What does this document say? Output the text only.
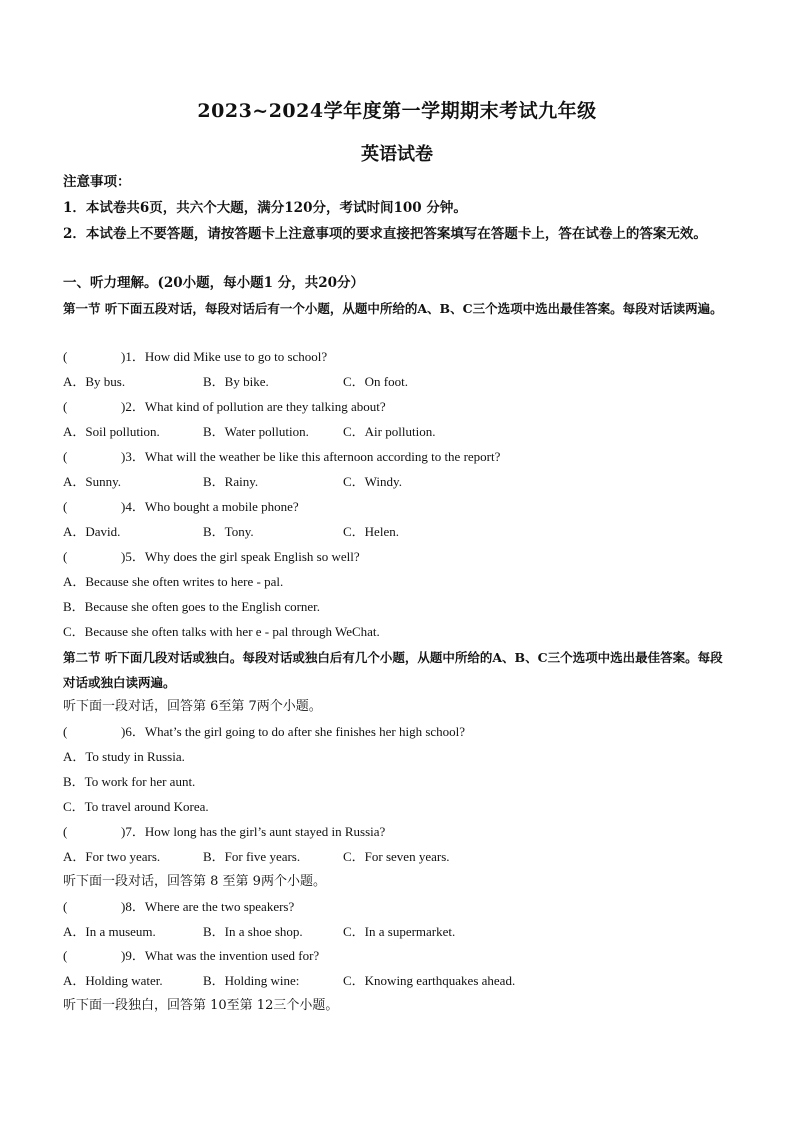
2023~2024学年度第一学期期末考试九年级
英语试卷
注意事项：
1．本试卷共6页，共六个大题，满分120分，考试时间100 分钟。
2．本试卷上不要答题，请按答题卡上注意事项的要求直接把答案填写在答题卡上，答在试卷上的答案无效。
一、听力理解。(20小题，每小题1 分，共20分）
第一节 听下面五段对话，每段对话后有一个小题，从题中所给的A、B、C三个选项中选出最佳答案。每段对话读两遍。
(	)1．How did Mike use to go to school?
A．By bus.	B．By bike.	C．On foot.
(	)2．What kind of pollution are they talking about?
A．Soil pollution.	B．Water pollution.	C．Air pollution.
(	)3．What will the weather be like this afternoon according to the report?
A．Sunny.	B．Rainy.	C．Windy.
(	)4．Who bought a mobile phone?
A．David.	B．Tony.	C．Helen.
(	)5．Why does the girl speak English so well?
A．Because she often writes to here - pal.
B．Because she often goes to the English corner.
C．Because she often talks with her e - pal through WeChat.
第二节 听下面几段对话或独白。每段对话或独白后有几个小题，从题中所给的A、B、C三个选项中选出最佳答案。每段对话或独白读两遍。
听下面一段对话，回答第 6至第 7两个小题。
(	)6．What’s the girl going to do after she finishes her high school?
A．To study in Russia.
B．To work for her aunt.
C．To travel around Korea.
(	)7．How long has the girl’s aunt stayed in Russia?
A．For two years.	B．For five years.	C．For seven years.
听下面一段对话，回答第 8 至第 9两个小题。
(	)8．Where are the two speakers?
A．In a museum.	B．In a shoe shop.	C．In a supermarket.
(	)9．What was the invention used for?
A．Holding water.	B．Holding wine:	C．Knowing earthquakes ahead.
听下面一段独白，回答第 10至第 12三个小题。
